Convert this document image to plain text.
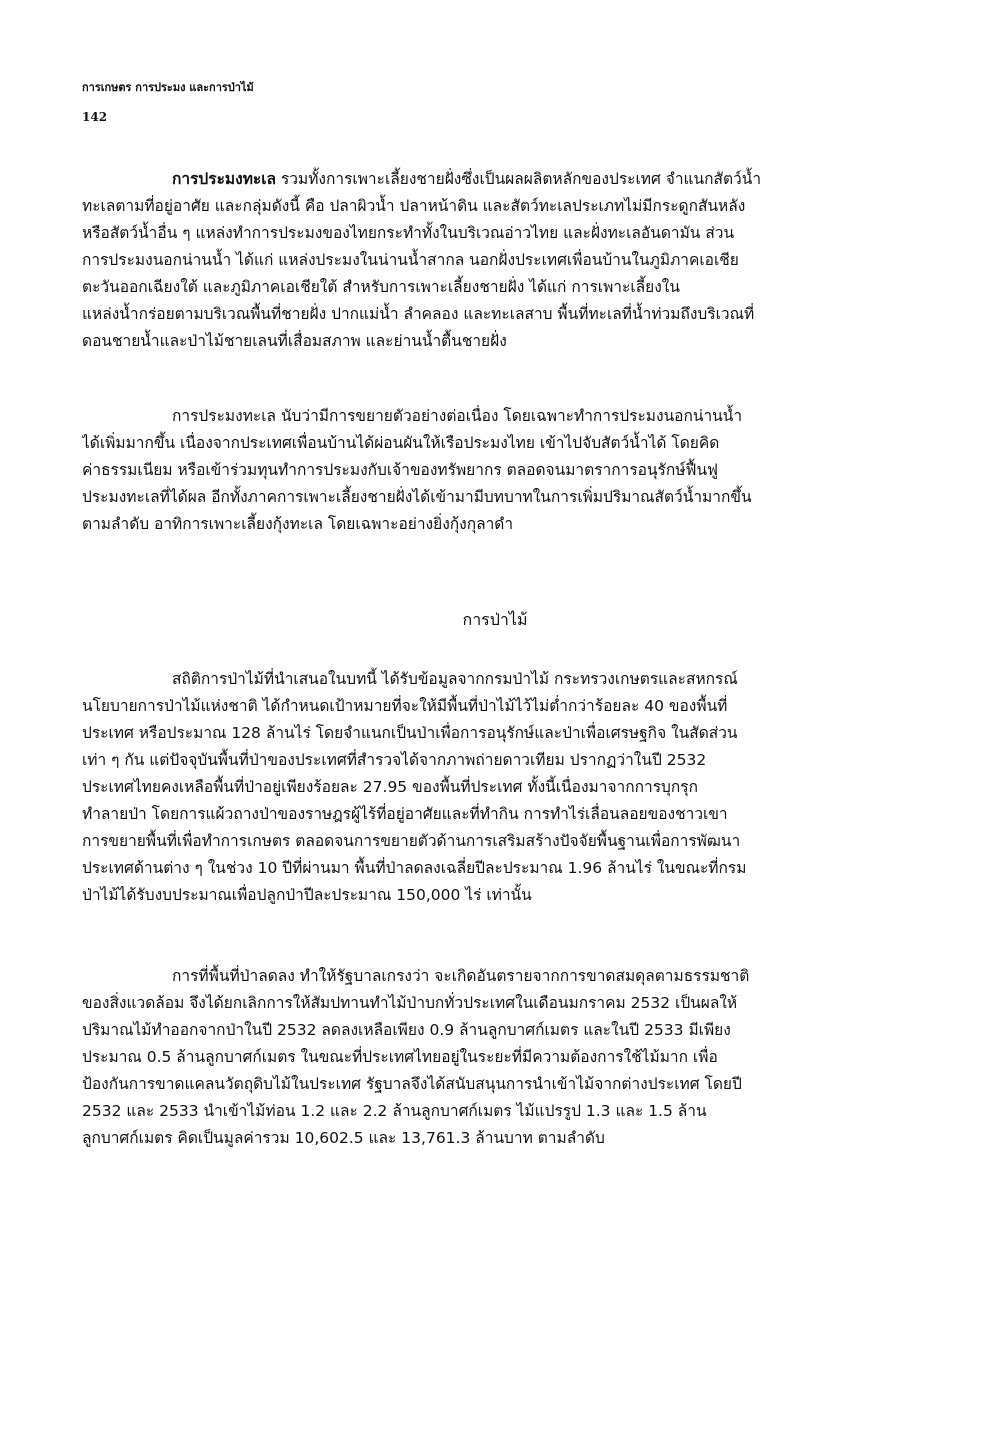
การเกษตร การประมง และการป่าไม้
142
การประมงทะเล รวมทั้งการเพาะเลี้ยงชายฝั่งซึ่งเป็นผลผลิตหลักของประเทศ จำแนกสัตว์น้ำ
ทะเลตามที่อยู่อาศัย และกลุ่มดังนี้ คือ ปลาผิวน้ำ ปลาหน้าดิน และสัตว์ทะเลประเภทไม่มีกระดูกสันหลัง
หรือสัตว์น้ำอื่น ๆ แหล่งทำการประมงของไทยกระทำทั้งในบริเวณอ่าวไทย และฝั่งทะเลอันดามัน ส่วน
การประมงนอกน่านน้ำ ได้แก่ แหล่งประมงในน่านน้ำสากล นอกฝั่งประเทศเพื่อนบ้านในภูมิภาคเอเชีย
ตะวันออกเฉียงใต้ และภูมิภาคเอเชียใต้ สำหรับการเพาะเลี้ยงชายฝั่ง ได้แก่ การเพาะเลี้ยงใน
แหล่งน้ำกร่อยตามบริเวณพื้นที่ชายฝั่ง ปากแม่น้ำ ลำคลอง และทะเลสาบ พื้นที่ทะเลที่น้ำท่วมถึงบริเวณที่
ดอนชายน้ำและป่าไม้ชายเลนที่เสื่อมสภาพ และย่านน้ำตื้นชายฝั่ง
การประมงทะเล นับว่ามีการขยายตัวอย่างต่อเนื่อง โดยเฉพาะทำการประมงนอกน่านน้ำ
ได้เพิ่มมากขึ้น เนื่องจากประเทศเพื่อนบ้านได้ผ่อนผันให้เรือประมงไทย เข้าไปจับสัตว์น้ำได้ โดยคิด
ค่าธรรมเนียม หรือเข้าร่วมทุนทำการประมงกับเจ้าของทรัพยากร ตลอดจนมาตราการอนุรักษ์ฟื้นฟู
ประมงทะเลที่ได้ผล อีกทั้งภาคการเพาะเลี้ยงชายฝั่งได้เข้ามามีบทบาทในการเพิ่มปริมาณสัตว์น้ำมากขึ้น
ตามลำดับ อาทิการเพาะเลี้ยงกุ้งทะเล โดยเฉพาะอย่างยิ่งกุ้งกุลาดำ
การป่าไม้
สถิติการป่าไม้ที่นำเสนอในบทนี้ ได้รับข้อมูลจากกรมป่าไม้ กระทรวงเกษตรและสหกรณ์
นโยบายการป่าไม้แห่งชาติ ได้กำหนดเป้าหมายที่จะให้มีพื้นที่ป่าไม้ไว้ไม่ต่ำกว่าร้อยละ 40 ของพื้นที่
ประเทศ หรือประมาณ 128 ล้านไร่ โดยจำแนกเป็นป่าเพื่อการอนุรักษ์และป่าเพื่อเศรษฐกิจ ในสัดส่วน
เท่า ๆ กัน แต่ปัจจุบันพื้นที่ป่าของประเทศที่สำรวจได้จากภาพถ่ายดาวเทียม ปรากฏว่าในปี 2532
ประเทศไทยคงเหลือพื้นที่ป่าอยู่เพียงร้อยละ 27.95 ของพื้นที่ประเทศ ทั้งนี้เนื่องมาจากการบุกรุก
ทำลายป่า โดยการแผ้วถางป่าของราษฎรผู้ไร้ที่อยู่อาศัยและที่ทำกิน การทำไร่เลื่อนลอยของชาวเขา
การขยายพื้นที่เพื่อทำการเกษตร ตลอดจนการขยายตัวด้านการเสริมสร้างปัจจัยพื้นฐานเพื่อการพัฒนา
ประเทศด้านต่าง ๆ ในช่วง 10 ปีที่ผ่านมา พื้นที่ป่าลดลงเฉลี่ยปีละประมาณ 1.96 ล้านไร่ ในขณะที่กรม
ป่าไม้ได้รับงบประมาณเพื่อปลูกป่าปีละประมาณ 150,000 ไร่ เท่านั้น
การที่พื้นที่ป่าลดลง ทำให้รัฐบาลเกรงว่า จะเกิดอันตรายจากการขาดสมดุลตามธรรมชาติ
ของสิ่งแวดล้อม จึงได้ยกเลิกการให้สัมปทานทำไม้ป่าบกทั่วประเทศในเดือนมกราคม 2532 เป็นผลให้
ปริมาณไม้ทำออกจากป่าในปี 2532 ลดลงเหลือเพียง 0.9 ล้านลูกบาศก์เมตร และในปี 2533 มีเพียง
ประมาณ 0.5 ล้านลูกบาศก์เมตร ในขณะที่ประเทศไทยอยู่ในระยะที่มีความต้องการใช้ไม้มาก เพื่อ
ป้องกันการขาดแคลนวัตถุดิบไม้ในประเทศ รัฐบาลจึงได้สนับสนุนการนำเข้าไม้จากต่างประเทศ โดยปี
2532 และ 2533 นำเข้าไม้ท่อน 1.2 และ 2.2 ล้านลูกบาศก์เมตร ไม้แปรรูป 1.3 และ 1.5 ล้าน
ลูกบาศก์เมตร คิดเป็นมูลค่ารวม 10,602.5 และ 13,761.3 ล้านบาท ตามลำดับ
